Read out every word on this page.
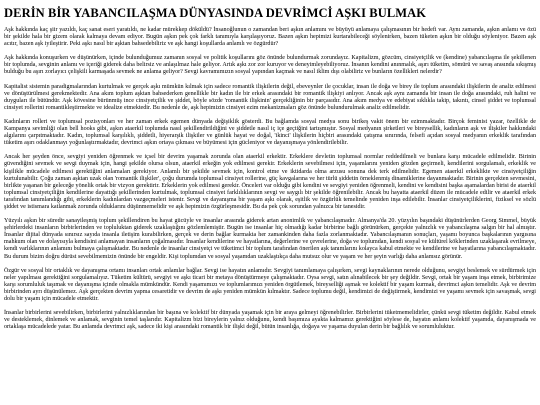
DERİN BİR YABANCILAŞMA DÜNYASINDA DEVRİMCİ AŞKI BULMAK

Aşk hakkında kaç şiir yazıldı, kaç sanat eseri yaratıldı, ne kadar mürekkep döküldü? İnsanoğlunun o zamandan beri aşkın anlamını ve büyüyü anlamaya çalışmasının bir hedefi var. Aynı zamanda, aşkın anlamı ve özü bir şekilde hala bir gizem olarak kalmaya devam ediyor. Bugün aşkın pek çok farklı tanımıyla karşılaşıyoruz. Bazen aşkın hepimizi kurtarabileceği söylenirken, bazen tüketen aşkın bir olduğu söyleniyor. Bazen aşk acıtır, bazen aşk iyileştirir. Peki aşkı nasıl bir aşktan bahsedebiliriz ve aşk hangi koşullarda anlamlı ve özgürdür?

Aşk hakkında konuşurken ve düşünürken, içinde bulunduğumuz zamanın sosyal ve politik koşullarını göz önünde bulundurmak zorundayız. Kapitalizm, gözcüm, cinsiyetçilik ve (kendine) yabancılaşma ile şekillenen bir toplumda, sevginin anlamı ve içeriği giderek daha belirsiz ve anlaşılmaz hale geliyor. Artık aşkı zor zor kuruyor ve deneyimleyebiliyoruz. İnsanın kendini anınmalık, aşırı tüketim, sömürü ve savaş arasında sıkışmış bulduğu bu aşırı zorlayıcı çelişkili karmaşada sevmek ne anlama geliyor? Sevgi kavramımızın sosyal yapından kaçmak ve nasıl iklim dışı olabiliriz ve bunların özellikleri nelerdir?

Kapitalist sistemin paradigmalarından kurtulmak ve gerçek aşkı mümkün kılmak için sadece romantik ilişkilerin değil, ebeveynler ile çocuklar, insan ile doğa ve birey ile toplum arasındaki ilişkilerin de analiz edilmesi ve dönüştürülmesi gerekmektedir. Ana akım toplum aşktan bahsederken genellikle bir kadın ile bir erkek arasındaki bir romantik ilişkiyi anlıyor. Ancak aşk aynı zamanda bir insan ile doğa arasındaki, ruh halini ve duyguları ile bütündür. Aşk kövesine bürünmüş ince cinsiyetçilik ve şiddet, böyle sözde 'romantik ilişkinin' gerçekliğinin bir parçasıdır. Ana akım medya ve edebiyat sıklıkla takip, takıntı, cinsel şiddet ve toplumsal cinsiyet rollerini romantikleştirmekte ve idealize etmektedir. Bu nedenle de, aşk hepimizin cinsiyet ezim mekanizmaları göz önünde bulundurulmak analiz edilmelidir.

Kadınların rolleri ve toplumsal pozisyonları ve her zaman erkek egemen dünyada değişiklik gösterdi. Bu bağlamda sosyal medya sonu birikeş vakit önem bir ezimmaktadır. Birçok feminist yazar, özellikle de Kampanya sevimliği olan bell hooks gibi, aşkın ataerkil toplumda nasıl şekillendirildiğini ve şiddetle nasıl iç içe geçtiğini tartışmıştır. Sosyal medyanın şirketleri ve bireysellik, kadınların aşk ve ilişkiler hakkındaki algılarını çarpıtmaktadır. Kadın, toplumsal karşılıklı, şiddetli, hiyerarşik ilişkiler ve günlük hayat ve doğal, 'ikinci' ilişkilerin hiçbiri arasındaki çatışma sınırında, felsefi açıdan sosyal medyanın erkeklik tarafından tüketim aşırı odaklanmayı yoğunlaştırmaktadır, devrimci aşkın ortaya çıkması ve büyümesi için gücleniyor ve dayanışmaya yönlendirilebilir.

Ancak her şeyden önce, sevgiyi yeniden öğrenmek ve içsel bir devrim yaşamak zorunda olan ataerkil erkektir. Erkeklere devletin toplumsal normlar reddedilmeli ve bunlara karşı mücadele edilmelidir. Birinin güvendiğini sevmek ve sevgi duymak için, hangi şekilde olursa olsun, ataerkil erkeğin yok edilmesi gerekir. Erkeklerin sevebilmesi için, yaşamlarını yeniden gözden geçirmeli, kendilerini sorgulamalı, erkeklik ve kişilikle mücadele edilmesi gerektiğini anlamaları gerekiyor. Anlamlı bir şekilde sevmek için, kontrol etme ve iktidarda olma arzusu sonuna dek terk edilmelidir. Egemen ataerkil erkeklikte ve cinsiyetçiliğin kurtulunabilir. Çoğu zaman aşktan uzak olan 'romantik ilişkiler', çoğu durumda toplumsal cinsiyet rollerine, güç kavgalarına ve her türlü şiddetin örneklenmiş dinamiklerine dayanmaktadır. Birinin gerçekten sevmesini, birlikte yaşanan bir geleceğe yönelik ortak bir vizyon gerektirir. Erkeklerin yok edilmesi gerekir. Önceleri var olduğu gibi kendini ve sevgiyi yeniden öğrenmeli, kendini ve kendisini başka aşamalardan birisi de ataerkil toplumsal cinsiyetçiliğin kendilerine dayattığı şekillerinden kurtulmak, toplumsal cinsiyet farklılıklarının sevgi ve saygılı bir şekilde öğrenilebilir. Ancak bu hayatta ataerkil düzen ile mücadele edilir ve ataerkil erkek tarafından tanımlandığı gibi, erkeklerin kadınlardan vazgeçmeleri istenir. Sevgi ve dayanışma bir yaşam aşkı olarak, eşitlik ve özgürlük temelinde yeniden inşa edilebilir. İnsanlar cinsiyetçiliklerini, fiziksel ve sözlü şiddet ve istismara katlanmak zorunda olduklarını düşünmemelidir ve aşk hepimizin özgürleşmesidir. Bu da pek çok sorundan yalnızca bir tanesidir.

Yüzyılı aşkın bir süredir sanayileşmiş toplum şekillendiren bu hayat gücüyle ve insanlar arasında giderek artan anonimlik ve yabancılaşmadır. Almanya'da 20. yüzyılın başındaki düşünürlerden Georg Simmel, büyük şehirlerdeki insanların birbirlerinden ve topluluktan giderek uzaklaştığını gözlemlemiştir. Bugün ise insanlar hiç olmadığı kadar birbirine bağlı görünürken, gerçekte yalnızlık ve yabancılaşma salgın bir hal almıştır. İnsanlar dijital dünyada sınırsız sayıda insanla iletişim kurabilirken, gerçek ve derin bağlar kurmakta her zamankinden daha fazla zorlanmaktadır. Yabancılaşmanın sonuçları, yaşamı boyunca başkalarının yargısına mahkum olan ve dolayısıyla kendisini anlamayan insanların çoğalmasıdır. İnsanlar kendilerine ve hayatlarına, değerlerine ve çevrelerine, doğa ve toplumdan, kendi sosyal ve kültürel köklerinden uzaklaşarak evrilmeye, kendi varlıklarının anlamını bulmaya çalışmaktadır. Bu nedenle de insanlar cinsiyetçi ve tüketimci bir toplum tarafından önerilen aşk tanımlarını kolayca kabul etmekte ve kendilerine ve hayatlarına yabancılaşmaktadır. Bu durum bizim doğru dürüst sevebilmemizin önünde bir engeldir. Kişi toplumdan ve sosyal yaşamdan uzaklaştıkça daha mutsuz olur ve yaşam ve her şeyin varlığı daha anlamsız görünür.

Özgür ve sosyal bir ortaklık ve dayanışma ortamı insanları ortak anlamlar bağlar. Sevgi ise hayatın anlamıdır. Sevgiyi tanımlamaya çalışırken, sevgi kaynaklarının nerede olduğunu, sevgiyi beslemek ve sürdürmek için neler yapılması gerektiğini sorgulamalıyız. Tüketim kültürü, sevgiyi ve aşkı ticari bir metaya dönüştürmeye çalışmaktadır. Oysa sevgi, satın alınabilecek bir şey değildir. Sevgi, ortak bir yaşam inşa etmek, birbirimize karşı sorumluluk taşımak ve dayanışma içinde olmakla mümkündür. Kendi yaşamımızı ve toplumlarımızı yeniden örgütlemek, bireyselliği aşmak ve kolektif bir yaşam kurmak, devrimci aşkın temelidir. Aşk ve devrim birbirinden ayrı düşünülemez. Aşk gerçekten devrim yapma cesaretidir ve devrim de aşkı yeniden mümkün kılmaktır. Sadece toplumu değil, kendimizi de değiştirmek, kendimizi ve yaşamı sevmek için savaşmak, sevgi dolu bir yaşam için mücadele etmektir.

İnsanlar birbirlerini sevebilirken, birbirlerini yalnızlıklarından bir başına ve kolektif bir dünyada yaşamak için bir araya gelmeyi öğrenebilirler. Birbirlerini tüketmemelidirler, çünkü sevgi tüketim değildir. Kabul etmek ve desteklemek, dinlemek ve anlamak, sevginin temel taşlarıdır. Kapitalizm bizi bireylerin yalnız olduğunu, kendi başımıza ayakta kalmamız gerektiğini söylese de, hayatın anlamı kolektif yaşamda, dayanışmada ve ortaklaşa mücadelede yatar. Bu anlamda devrimci aşk, sadece iki kişi arasındaki romantik bir ilişki değil, bütün insanlığa, doğaya ve yaşama duyulan derin bir bağlılık ve sorumluluktur.
